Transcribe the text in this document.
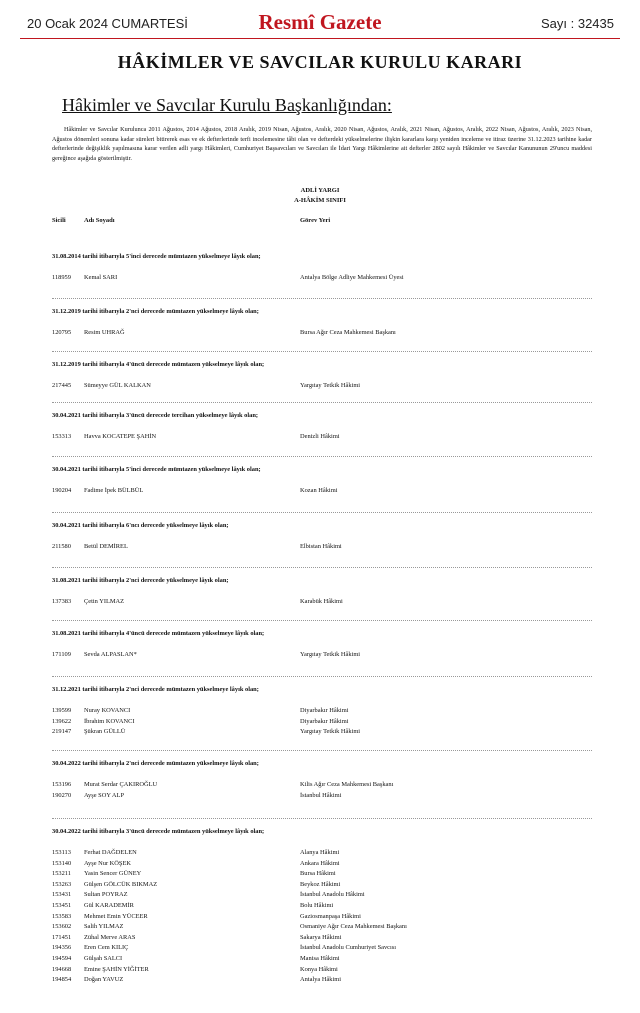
20 Ocak 2024 CUMARTESİ	Resmî Gazete	Sayı : 32435
HÂKİMLER VE SAVCILAR KURULU KARARI
Hâkimler ve Savcılar Kurulu Başkanlığından:
Hâkimler ve Savcılar Kurulunca 2011 Ağustos, 2014 Ağustos, 2018 Aralık, 2019 Nisan, Ağustos, Aralık, 2020 Nisan, Ağustos, Aralık, 2021 Nisan, Ağustos, Aralık, 2022 Nisan, Ağustos, Aralık, 2023 Nisan, Ağustos dönemleri sonuna kadar süreleri bitirerek esas ve ek defterlerinde terfi incelemesine tâbi olan ve defterdeki yükselmelerine ilişkin kararlara karşı yeniden inceleme ve itiraz üzerine 31.12.2023 tarihine kadar defterlerinde değişiklik yapılmasına karar verilen adli yargı Hâkimleri, Cumhuriyet Başsavcıları ve Savcıları ile İdari Yargı Hâkimlerine ait defterler 2802 sayılı Hâkimler ve Savcılar Kanununun 29'uncu maddesi gereğince aşağıda gösterilmiştir.
ADLİ YARGI
A-HÂKİM SINIFI
Sicili	Adı Soyadı	Görev Yeri
31.08.2014 tarihi itibarıyla 5'inci derecede mümtazen yükselmeye lâyık olan;
118959 Kemal SARI	Antalya Bölge Adliye Mahkemesi Üyesi
31.12.2019 tarihi itibarıyla 2'nci derecede mümtazen yükselmeye lâyık olan;
120795 Resim UHRAĞ	Bursa Ağır Ceza Mahkemesi Başkanı
31.12.2019 tarihi itibarıyla 4'üncü derecede mümtazen yükselmeye lâyık olan;
217445 Sümeyye GÜL KALKAN	Yargıtay Tetkik Hâkimi
30.04.2021 tarihi itibarıyla 3'üncü derecede tercihan yükselmeye lâyık olan;
153313 Havva KOCATEPE ŞAHİN	Denizli Hâkimi
30.04.2021 tarihi itibarıyla 5'inci derecede mümtazen yükselmeye lâyık olan;
190204 Fadime İpek BÜLBÜL	Kozan Hâkimi
30.04.2021 tarihi itibarıyla 6'ncı derecede yükselmeye lâyık olan;
211580 Betül DEMİREL	Elbistan Hâkimi
31.08.2021 tarihi itibarıyla 2'nci derecede yükselmeye lâyık olan;
137383 Çetin YILMAZ	Karabük Hâkimi
31.08.2021 tarihi itibarıyla 4'üncü derecede mümtazen yükselmeye lâyık olan;
171109 Sevda ALPASLAN*	Yargıtay Tetkik Hâkimi
31.12.2021 tarihi itibarıyla 2'nci derecede mümtazen yükselmeye lâyık olan;
139599 Nuray KOVANCI	Diyarbakır Hâkimi
139622 İbrahim KOVANCI	Diyarbakır Hâkimi
219147 Şükran GÜLLÜ	Yargıtay Tetkik Hâkimi
30.04.2022 tarihi itibarıyla 2'nci derecede mümtazen yükselmeye lâyık olan;
153196 Murat Serdar ÇAKIROĞLU	Kilis Ağır Ceza Mahkemesi Başkanı
190270 Ayşe SOY ALP	İstanbul Hâkimi
30.04.2022 tarihi itibarıyla 3'üncü derecede mümtazen yükselmeye lâyık olan;
153113 Ferhat DAĞDELEN	Alanya Hâkimi
153140 Ayşe Nur KÖŞEK	Ankara Hâkimi
153211 Yasin Sencer GÜNEY	Bursa Hâkimi
153263 Gülşen GÖLCÜK BIKMAZ	Beykoz Hâkimi
153431 Sultan POYRAZ	İstanbul Anadolu Hâkimi
153451 Gül KARADEMİR	Bolu Hâkimi
153583 Mehmet Emin YÜCEER	Gaziosmanpaşa Hâkimi
153602 Salih YILMAZ	Osmaniye Ağır Ceza Mahkemesi Başkanı
171451 Zühal Merve ARAS	Sakarya Hâkimi
194356 Eren Cem KILIÇ	İstanbul Anadolu Cumhuriyet Savcısı
194594 Gülşah SALCI	Manisa Hâkimi
194668 Emine ŞAHİN YİĞİTER	Konya Hâkimi
194854 Doğan YAVUZ	Antalya Hâkimi
